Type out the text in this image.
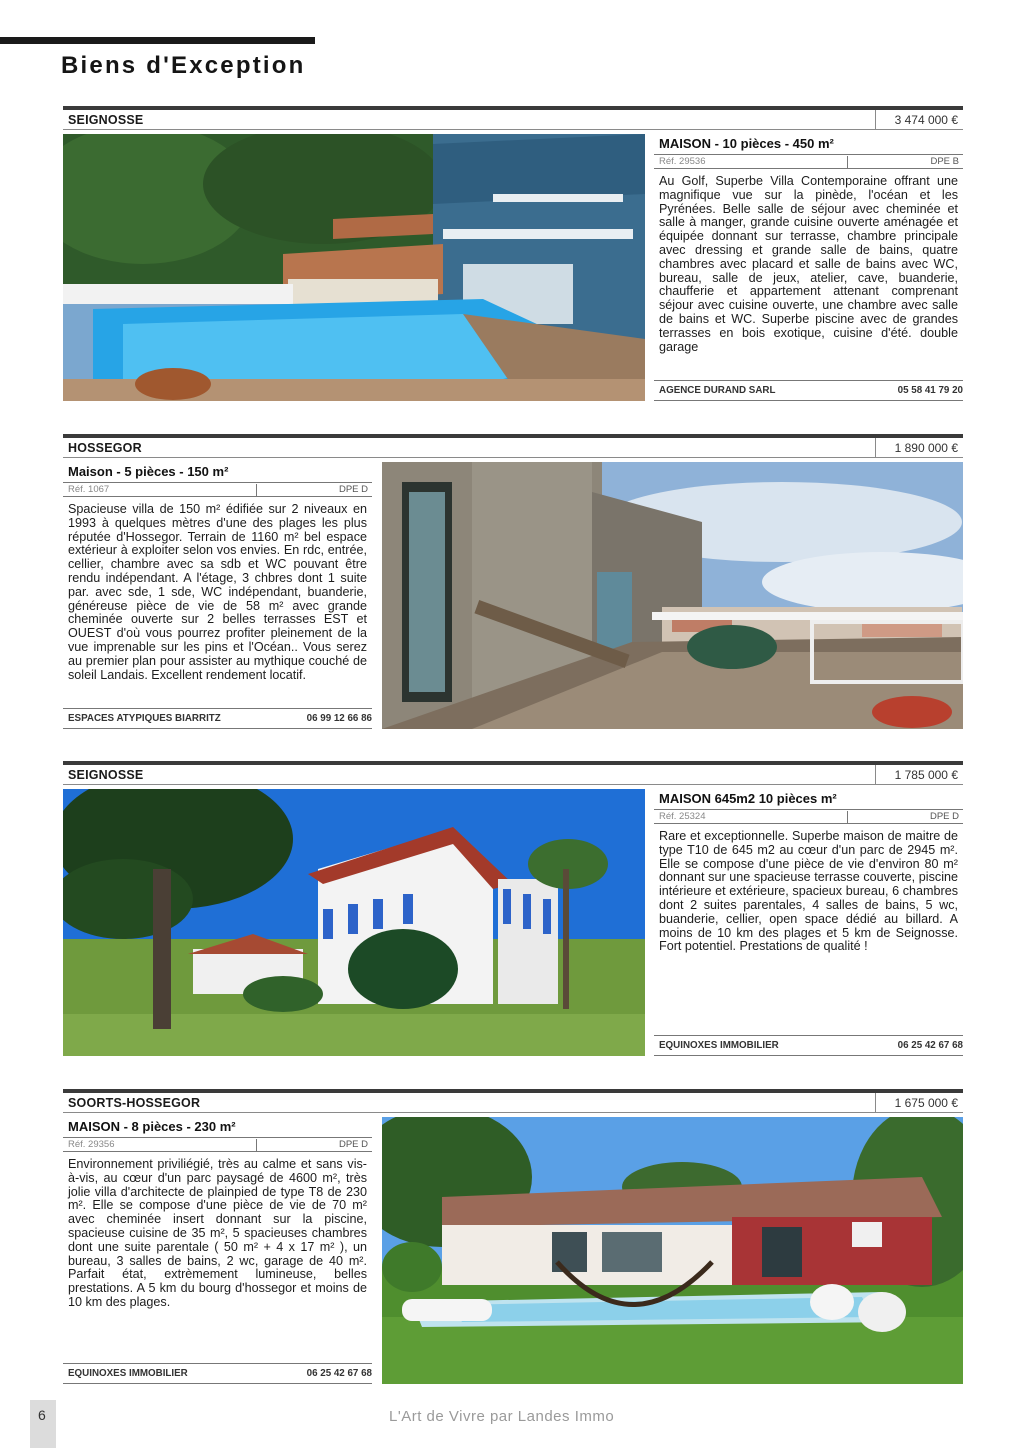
Biens d'Exception
SEIGNOSSE	3 474 000 €
MAISON - 10 pièces - 450 m²
Réf. 29536	DPE B

Au Golf, Superbe Villa Contemporaine offrant une magnifique vue sur la pinède, l'océan et les Pyrénées. Belle salle de séjour avec cheminée et salle à manger, grande cuisine ouverte aménagée et équipée donnant sur terrasse, chambre principale avec dressing et grande salle de bains, quatre chambres avec placard et salle de bains avec WC, bureau, salle de jeux, atelier, cave, buanderie, chaufferie et appartement attenant comprenant séjour avec cuisine ouverte, une chambre avec salle de bains et WC. Superbe piscine avec de grandes terrasses en bois exotique, cuisine d'été. double garage

AGENCE DURAND SARL	05 58 41 79 20
HOSSEGOR	1 890 000 €
Maison - 5 pièces - 150 m²
Réf. 1067	DPE D

Spacieuse villa de 150 m² édifiée sur 2 niveaux en 1993 à quelques mètres d'une des plages les plus réputée d'Hossegor. Terrain de 1160 m² bel espace extérieur à exploiter selon vos envies. En rdc, entrée, cellier, chambre avec sa sdb et WC pouvant être rendu indépendant. A l'étage, 3 chbres dont 1 suite par. avec sde, 1 sde, WC indépendant, buanderie, généreuse pièce de vie de 58 m² avec grande cheminée ouverte sur 2 belles terrasses EST et OUEST d'où vous pourrez profiter pleinement de la vue imprenable sur les pins et l'Océan.. Vous serez au premier plan pour assister au mythique couché de soleil Landais. Excellent rendement locatif.

ESPACES ATYPIQUES BIARRITZ	06 99 12 66 86
SEIGNOSSE	1 785 000 €
MAISON 645m2 10 pièces m²
Réf. 25324	DPE D

Rare et exceptionnelle. Superbe maison de maitre de type T10 de 645 m2 au cœur d'un parc de 2945 m². Elle se compose d'une pièce de vie d'environ 80 m² donnant sur une spacieuse terrasse couverte, piscine intérieure et extérieure, spacieux bureau, 6 chambres dont 2 suites parentales, 4 salles de bains, 5 wc, buanderie, cellier, open space dédié au billard. A moins de 10 km des plages et 5 km de Seignosse. Fort potentiel. Prestations de qualité !

EQUINOXES IMMOBILIER	06 25 42 67 68
SOORTS-HOSSEGOR	1 675 000 €
MAISON - 8 pièces - 230 m²
Réf. 29356	DPE D

Environnement priviliégié, très au calme et sans vis-à-vis, au cœur d'un parc paysagé de 4600 m², très jolie villa d'architecte de plainpied de type T8 de 230 m². Elle se compose d'une pièce de vie de 70 m² avec cheminée insert donnant sur la piscine, spacieuse cuisine de 35 m², 5 spacieuses chambres dont une suite parentale ( 50 m² + 4 x 17 m² ), un bureau, 3 salles de bains, 2 wc, garage de 40 m². Parfait état, extrèmement lumineuse, belles prestations. A 5 km du bourg d'hossegor et moins de 10 km des plages.

EQUINOXES IMMOBILIER	06 25 42 67 68
6	L'Art de Vivre par Landes Immo
